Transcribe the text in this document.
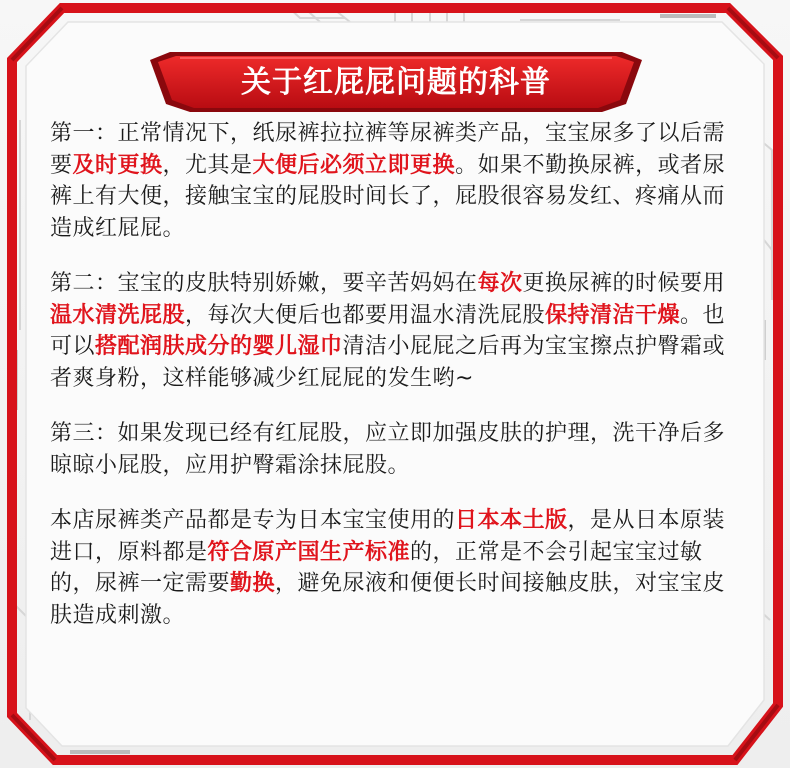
关于红屁屁问题的科普

第一：正常情况下，纸尿裤拉拉裤等尿裤类产品，宝宝尿多了以后需要及时更换，尤其是大便后必须立即更换。如果不勤换尿裤，或者尿裤上有大便，接触宝宝的屁股时间长了，屁股很容易发红、疼痛从而造成红屁屁。

第二：宝宝的皮肤特别娇嫩，要辛苦妈妈在每次更换尿裤的时候要用温水清洗屁股，每次大便后也都要用温水清洗屁股保持清洁干燥。也可以搭配润肤成分的婴儿湿巾清洁小屁屁之后再为宝宝擦点护臀霜或者爽身粉，这样能够减少红屁屁的发生哟~

第三：如果发现已经有红屁股，应立即加强皮肤的护理，洗干净后多晾晾小屁股，应用护臀霜涂抹屁股。

本店尿裤类产品都是专为日本宝宝使用的日本本土版，是从日本原装进口，原料都是符合原产国生产标准的，正常是不会引起宝宝过敏的，尿裤一定需要勤换，避免尿液和便便长时间接触皮肤，对宝宝皮肤造成刺激。
